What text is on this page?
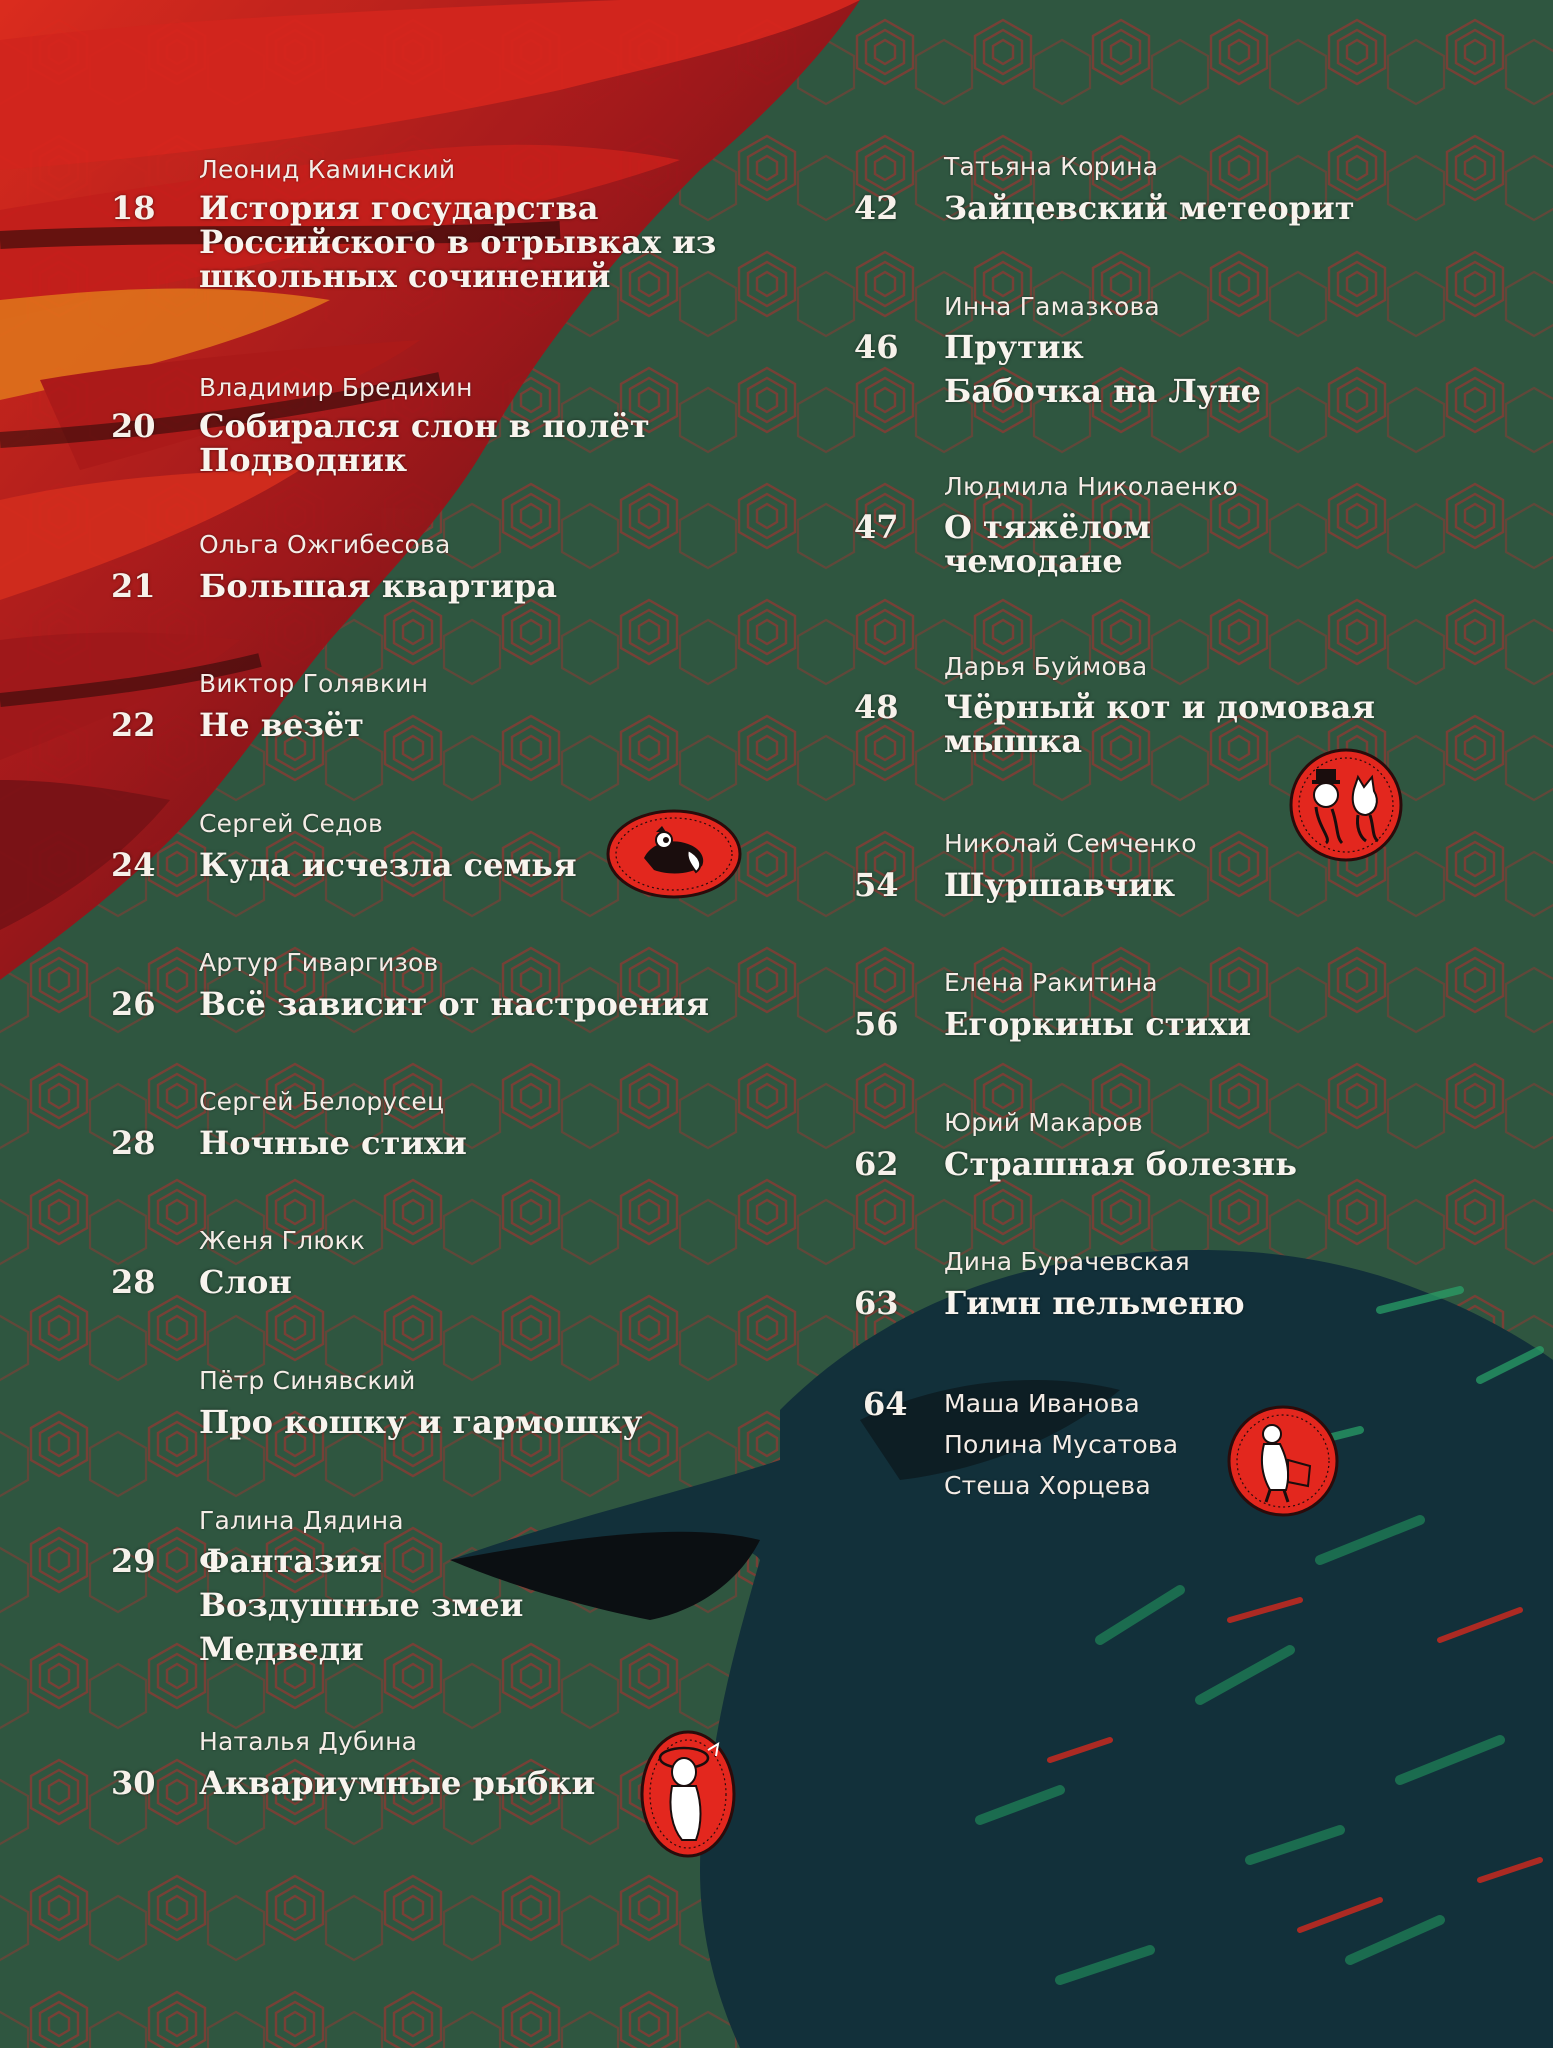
Леонид Каминский
18 История государства
Российского в отрывках из
школьных сочинений
Владимир Бредихин
20 Собирался слон в полёт
Подводник
Ольга Ожгибесова
21 Большая квартира
Виктор Голявкин
22 Не везёт
Сергей Седов
24 Куда исчезла семья
Артур Гиваргизов
26 Всё зависит от настроения
Сергей Белорусец
28 Ночные стихи
Женя Глюкк
28 Слон
Пётр Синявский
Про кошку и гармошку
Галина Дядина
29 Фантазия
Воздушные змеи
Медведи
Наталья Дубина
30 Аквариумные рыбки
Татьяна Корина
42 Зайцевский метеорит
Инна Гамазкова
46 Прутик
Бабочка на Луне
Людмила Николаенко
47 О тяжёлом
чемодане
Дарья Буймова
48 Чёрный кот и домовая
мышка
Николай Семченко
54 Шуршавчик
Елена Ракитина
56 Егоркины стихи
Юрий Макаров
62 Страшная болезнь
Дина Бурачевская
63 Гимн пельменю
64 Маша Иванова
Полина Мусатова
Стеша Хорцева
